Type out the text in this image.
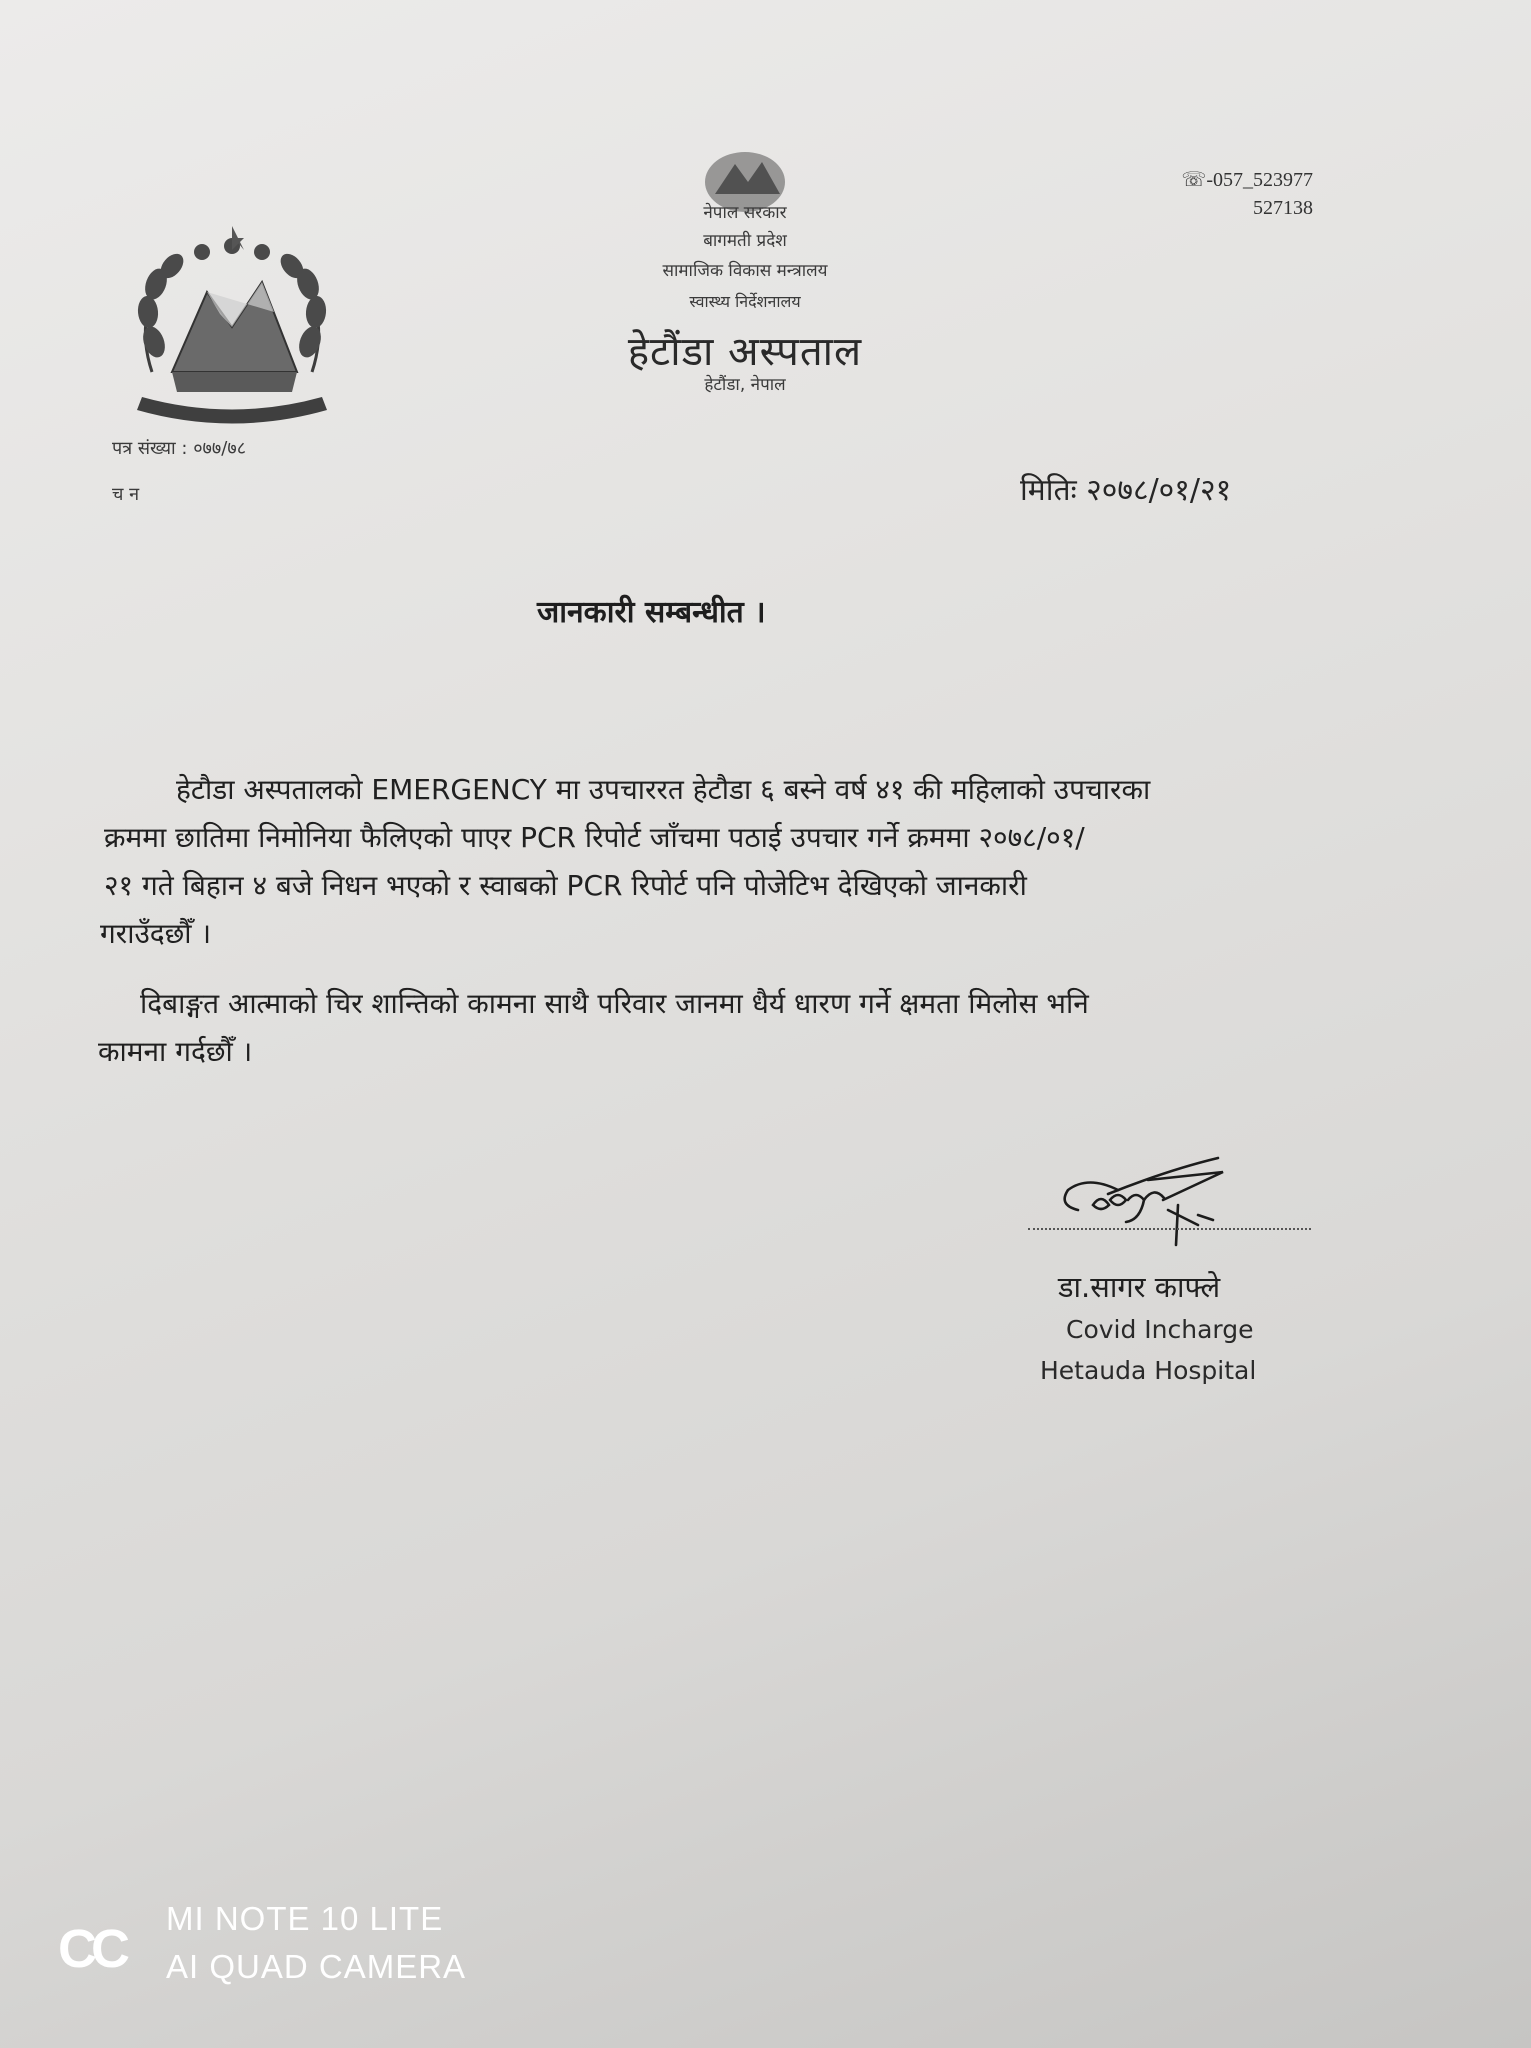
नेपाल सरकार
बागमती प्रदेश
सामाजिक विकास मन्त्रालय
स्वास्थ्य निर्देशनालय
हेटौंडा अस्पताल
हेटौंडा, नेपाल
☏-057_523977
527138
पत्र संख्या : ०७७/७८
च न	मितिः २०७८/०१/२१
जानकारी सम्बन्धीत ।
हेटौडा अस्पतालको EMERGENCY मा उपचाररत हेटौडा ६ बस्ने वर्ष ४१ की महिलाको उपचारका
क्रममा छातिमा निमोनिया फैलिएको पाएर PCR रिपोर्ट जाँचमा पठाई उपचार गर्ने क्रममा २०७८/०१/
२१ गते बिहान ४ बजे निधन भएको र स्वाबको PCR रिपोर्ट पनि पोजेटिभ देखिएको जानकारी
गराउँदछौँ ।
दिबाङ्गत आत्माको चिर शान्तिको कामना साथै परिवार जानमा धैर्य धारण गर्ने क्षमता मिलोस भनि
कामना गर्दछौँ ।
डा.सागर काफ्ले
Covid Incharge
Hetauda Hospital
CC
MI NOTE 10 LITE
AI QUAD CAMERA
